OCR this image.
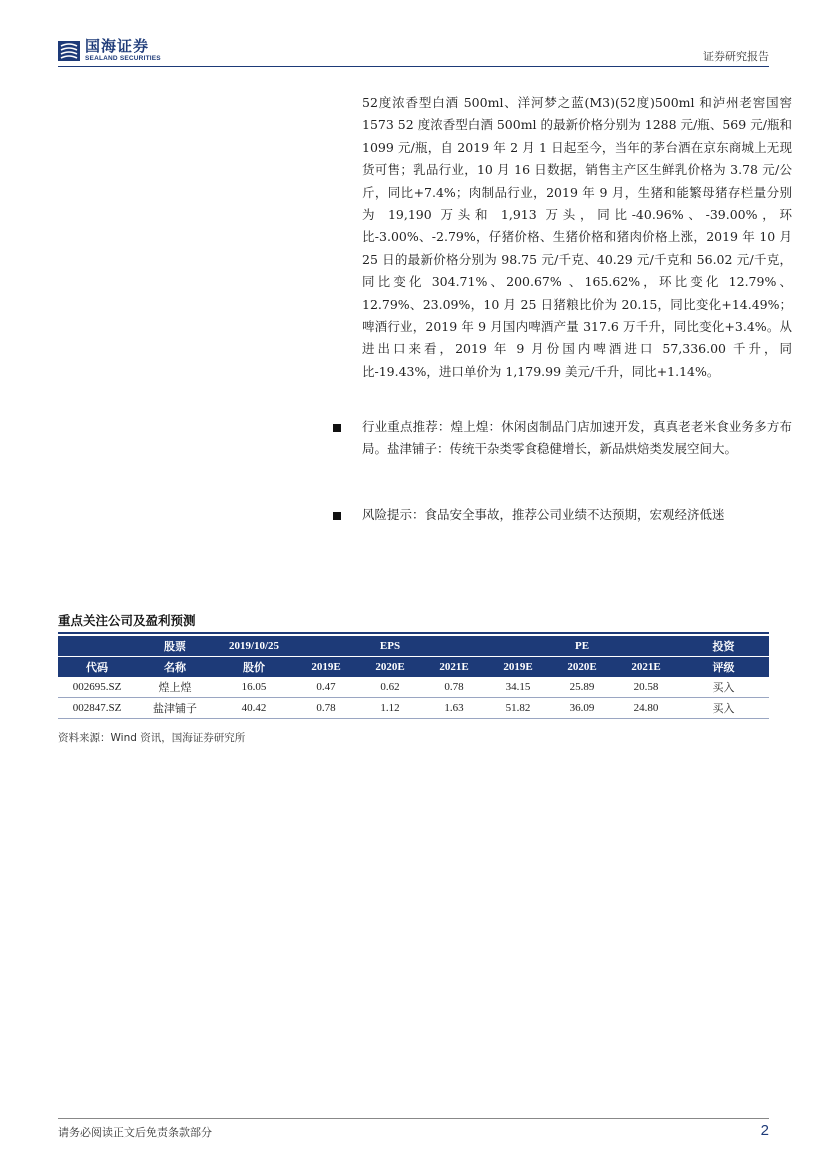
国海证券
SEALAND SECURITIES	证券研究报告
52度浓香型白酒 500ml、洋河梦之蓝(M3)(52度)500ml 和泸州老窖国窖 1573 52 度浓香型白酒 500ml 的最新价格分别为 1288 元/瓶、569 元/瓶和 1099 元/瓶，自 2019 年 2 月 1 日起至今，当年的茅台酒在京东商城上无现货可售；乳品行业，10 月 16 日数据，销售主产区生鲜乳价格为 3.78 元/公斤，同比+7.4%；肉制品行业，2019 年 9 月，生猪和能繁母猪存栏量分别为 19,190 万头和 1,913 万头，同比-40.96%、-39.00%，环比-3.00%、-2.79%，仔猪价格、生猪价格和猪肉价格上涨，2019 年 10 月 25 日的最新价格分别为 98.75 元/千克、40.29 元/千克和 56.02 元/千克，同比变化 304.71%、200.67% 、165.62%，环比变化 12.79%、12.79%、23.09%，10 月 25 日猪粮比价为 20.15，同比变化+14.49%；啤酒行业，2019 年 9 月国内啤酒产量 317.6 万千升，同比变化+3.4%。从进出口来看，2019 年 9 月份国内啤酒进口 57,336.00 千升，同比-19.43%，进口单价为 1,179.99 美元/千升，同比+1.14%。
行业重点推荐：煌上煌：休闲卤制品门店加速开发，真真老老米食业务多方布局。盐津铺子：传统干杂类零食稳健增长，新品烘焙类发展空间大。
风险提示：食品安全事故，推荐公司业绩不达预期，宏观经济低迷
重点关注公司及盈利预测
	股票	2019/10/25		EPS			PE		投资
代码	名称	股价	2019E	2020E	2021E	2019E	2020E	2021E	评级
002695.SZ	煌上煌	16.05	0.47	0.62	0.78	34.15	25.89	20.58	买入
002847.SZ	盐津铺子	40.42	0.78	1.12	1.63	51.82	36.09	24.80	买入
资料来源：Wind 资讯，国海证券研究所
请务必阅读正文后免责条款部分	2
